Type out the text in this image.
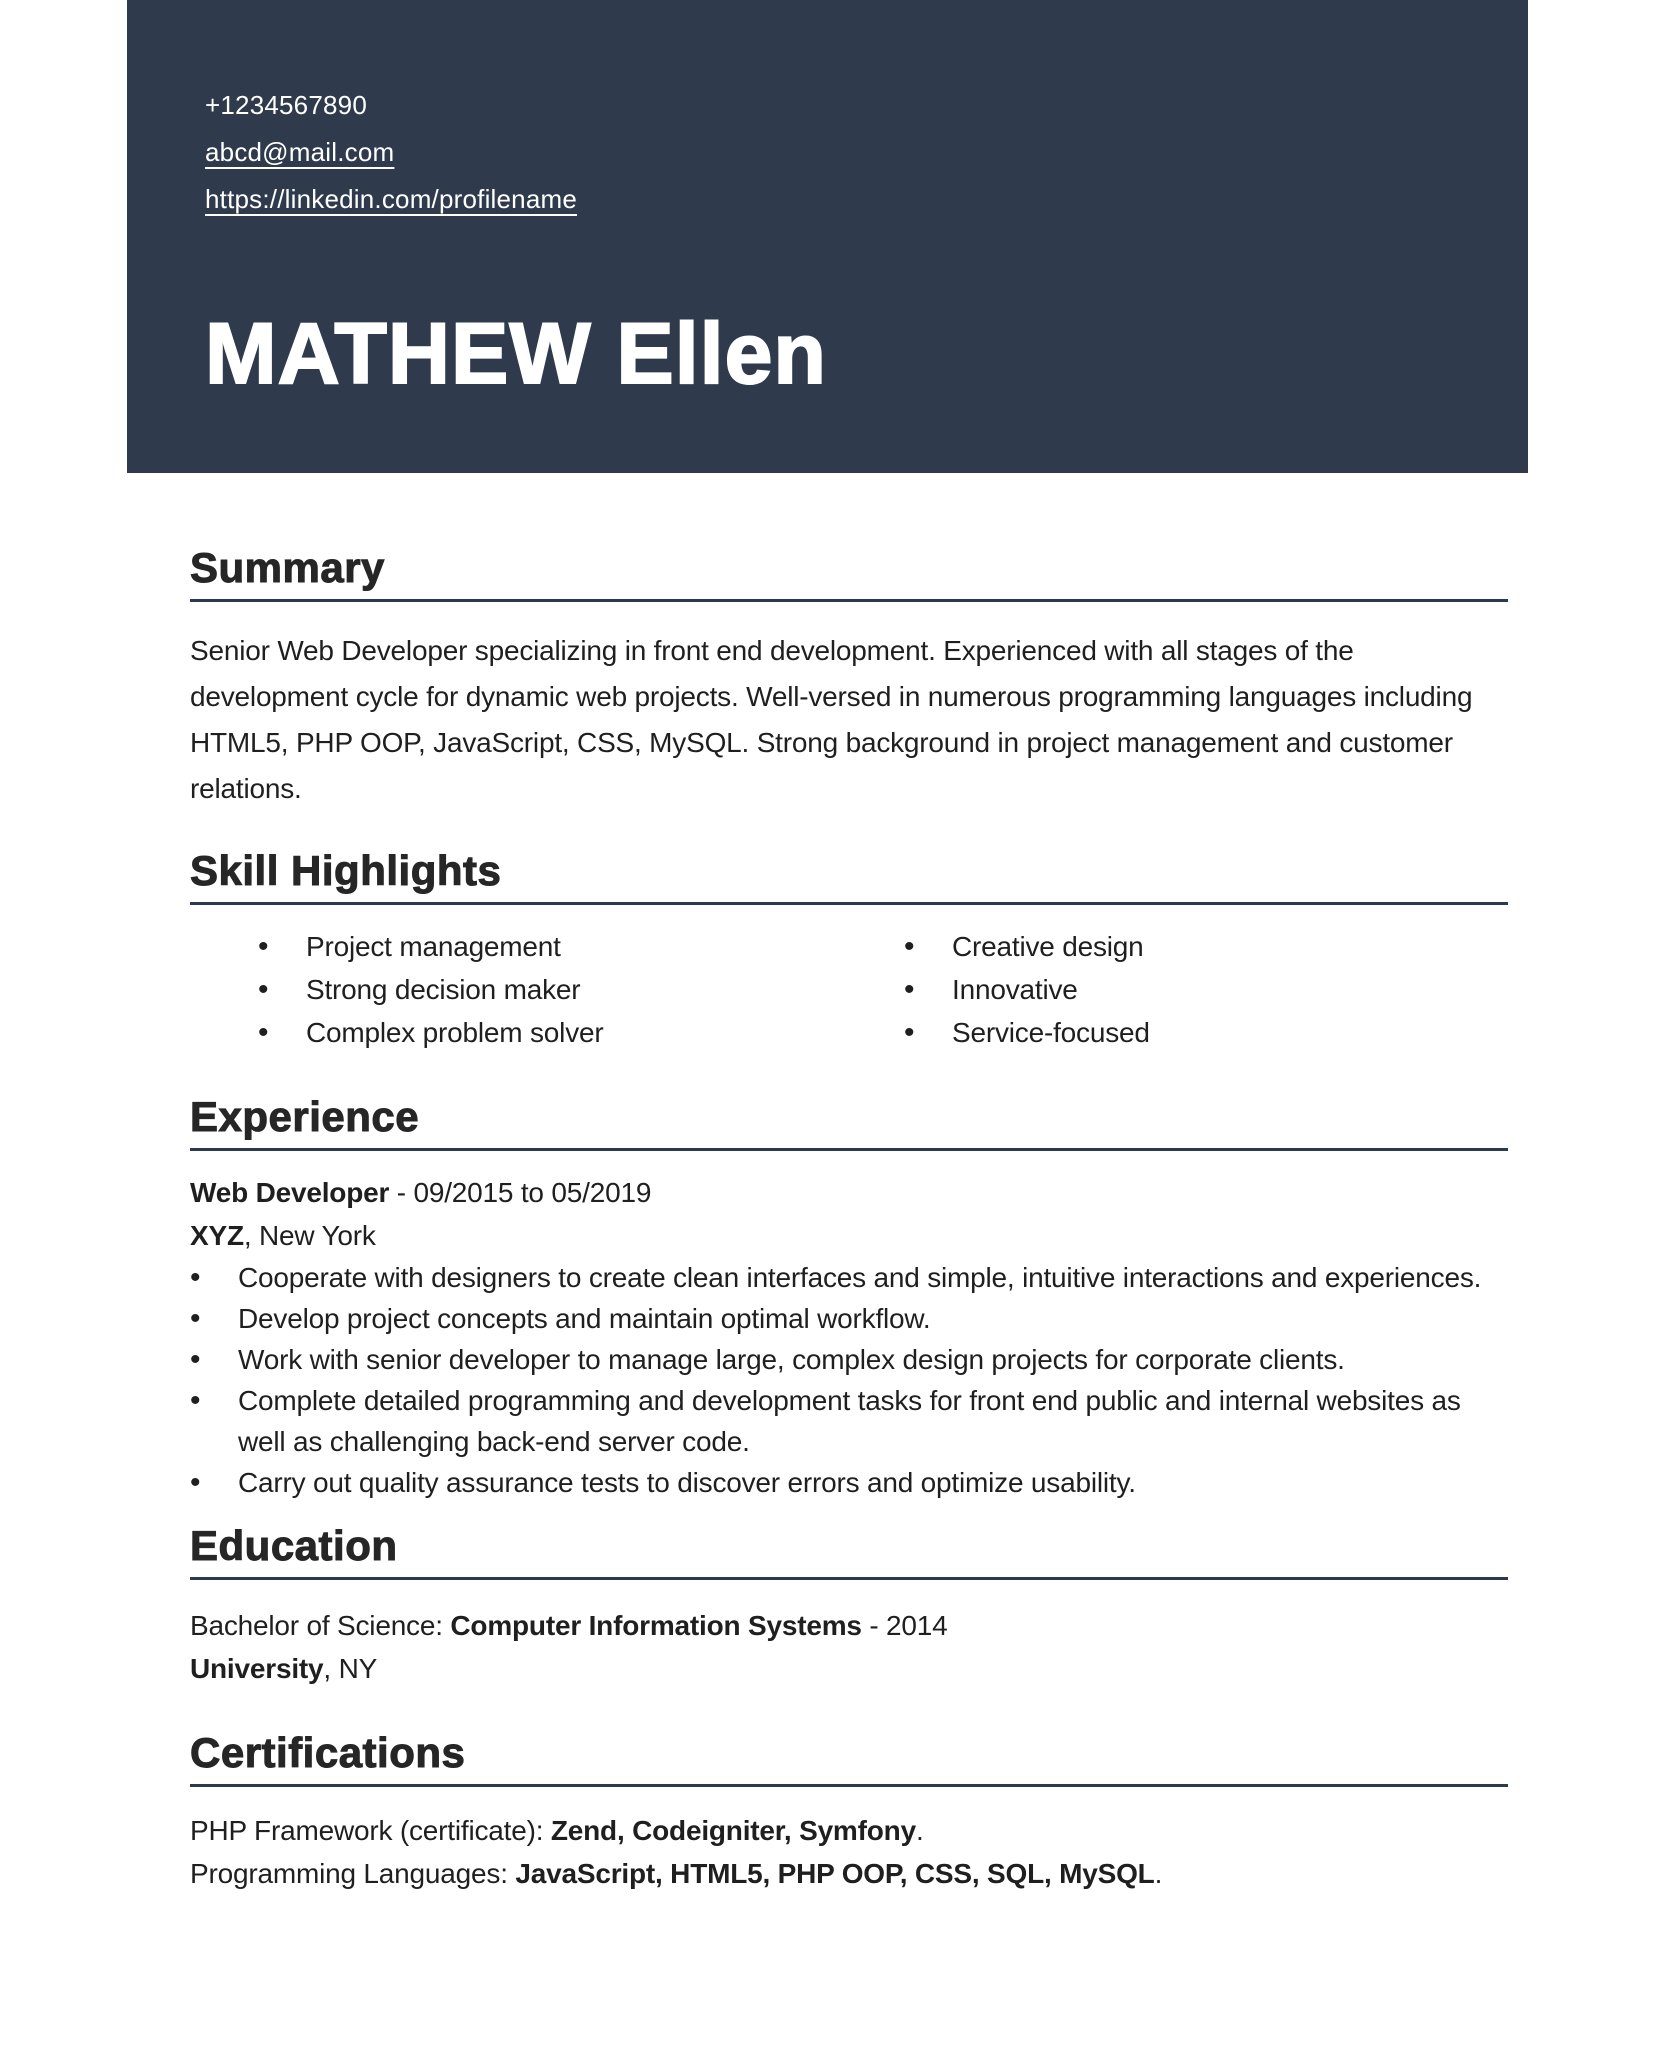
+1234567890
abcd@mail.com
https://linkedin.com/profilename
MATHEW Ellen
Summary
Senior Web Developer specializing in front end development. Experienced with all stages of the development cycle for dynamic web projects. Well-versed in numerous programming languages including HTML5, PHP OOP, JavaScript, CSS, MySQL. Strong background in project management and customer relations.
Skill Highlights
• Project management
• Strong decision maker
• Complex problem solver
• Creative design
• Innovative
• Service-focused
Experience
Web Developer - 09/2015 to 05/2019
XYZ, New York
• Cooperate with designers to create clean interfaces and simple, intuitive interactions and experiences.
• Develop project concepts and maintain optimal workflow.
• Work with senior developer to manage large, complex design projects for corporate clients.
• Complete detailed programming and development tasks for front end public and internal websites as well as challenging back-end server code.
• Carry out quality assurance tests to discover errors and optimize usability.
Education
Bachelor of Science: Computer Information Systems - 2014
University, NY
Certifications
PHP Framework (certificate): Zend, Codeigniter, Symfony.
Programming Languages: JavaScript, HTML5, PHP OOP, CSS, SQL, MySQL.
